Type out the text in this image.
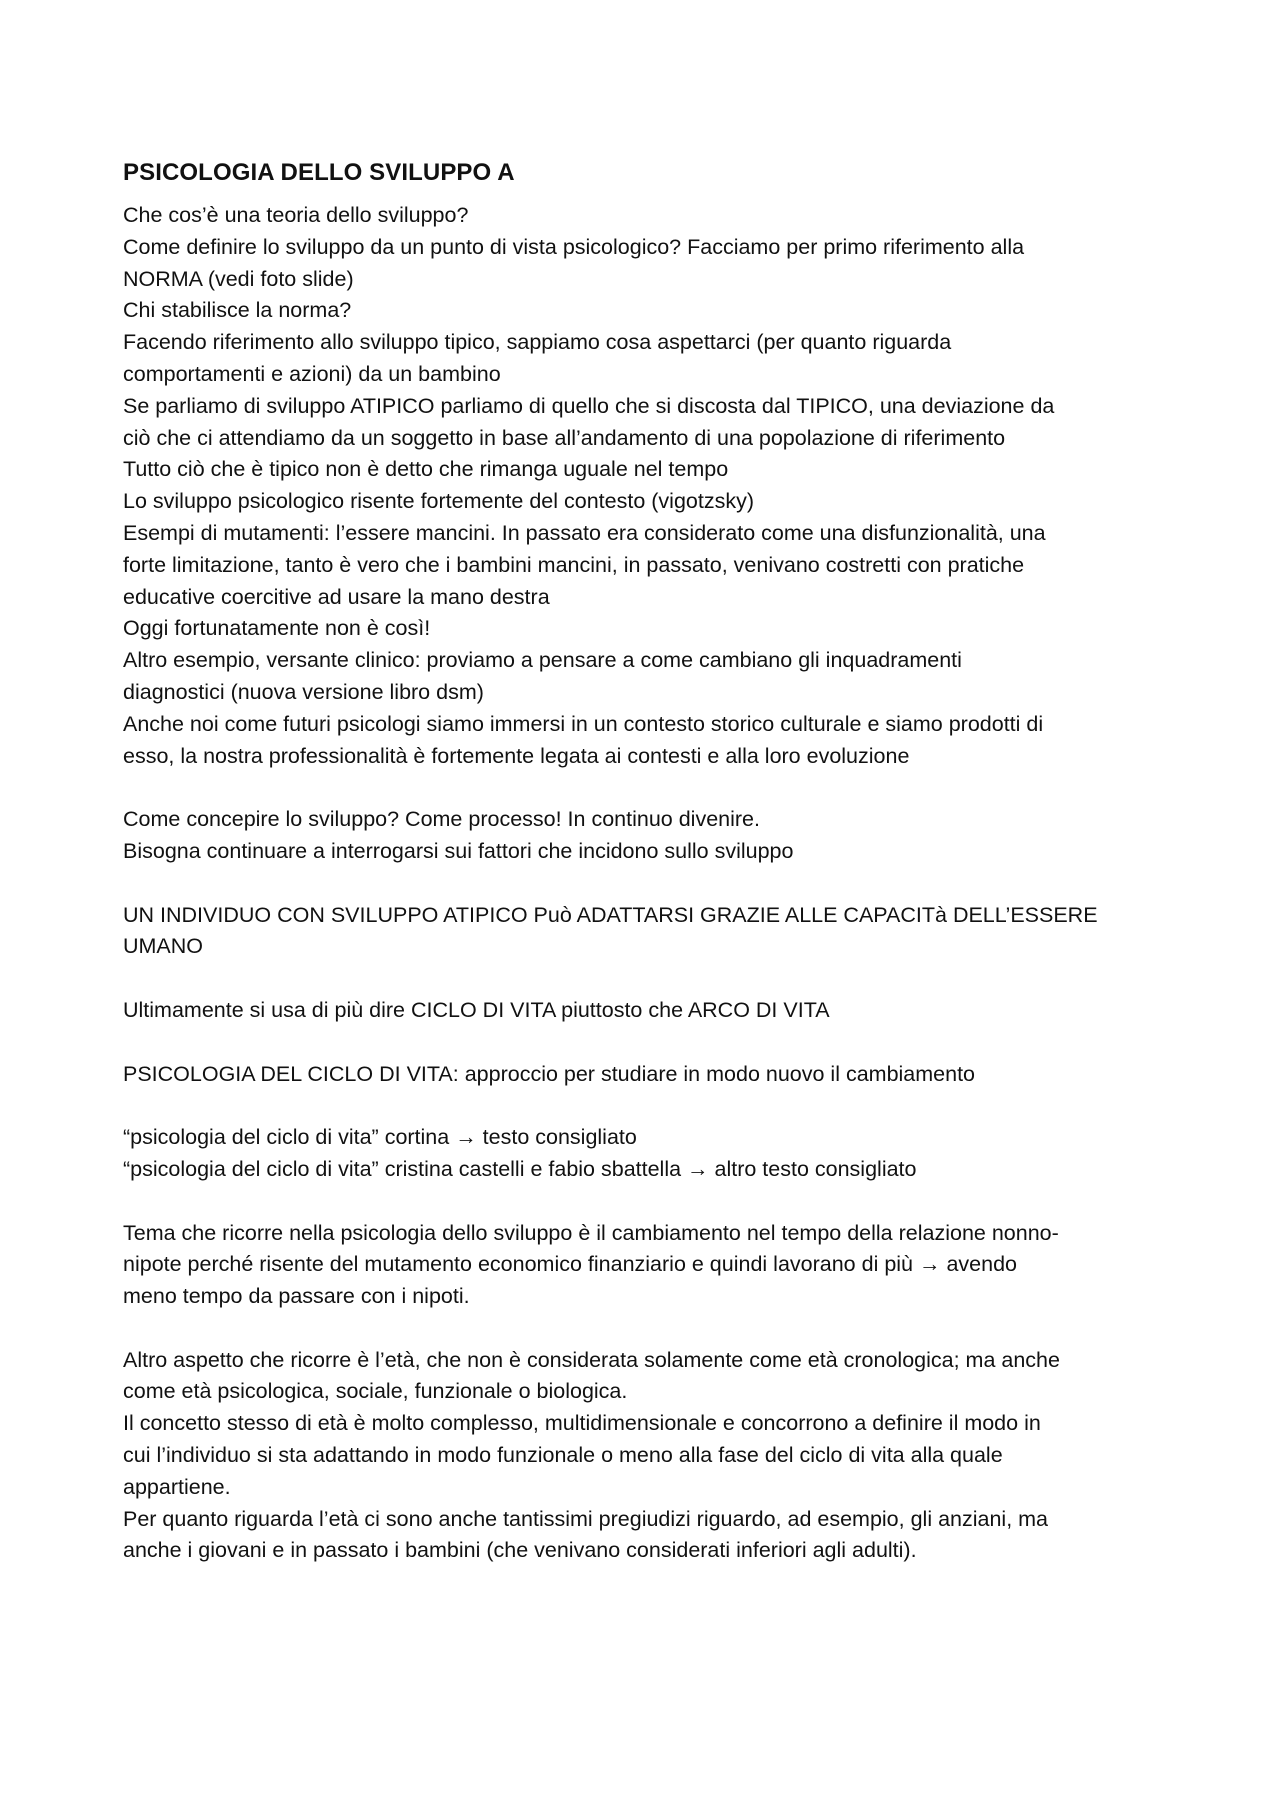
PSICOLOGIA DELLO SVILUPPO A

Che cos’è una teoria dello sviluppo?
Come definire lo sviluppo da un punto di vista psicologico? Facciamo per primo riferimento alla
NORMA (vedi foto slide)
Chi stabilisce la norma?
Facendo riferimento allo sviluppo tipico, sappiamo cosa aspettarci (per quanto riguarda
comportamenti e azioni) da un bambino
Se parliamo di sviluppo ATIPICO parliamo di quello che si discosta dal TIPICO, una deviazione da
ciò che ci attendiamo da un soggetto in base all’andamento di una popolazione di riferimento
Tutto ciò che è tipico non è detto che rimanga uguale nel tempo
Lo sviluppo psicologico risente fortemente del contesto (vigotzsky)
Esempi di mutamenti: l’essere mancini. In passato era considerato come una disfunzionalità, una
forte limitazione, tanto è vero che i bambini mancini, in passato, venivano costretti con pratiche
educative coercitive ad usare la mano destra
Oggi fortunatamente non è così!
Altro esempio, versante clinico: proviamo a pensare a come cambiano gli inquadramenti
diagnostici (nuova versione libro dsm)
Anche noi come futuri psicologi siamo immersi in un contesto storico culturale e siamo prodotti di
esso, la nostra professionalità è fortemente legata ai contesti e alla loro evoluzione

Come concepire lo sviluppo? Come processo! In continuo divenire.
Bisogna continuare a interrogarsi sui fattori che incidono sullo sviluppo

UN INDIVIDUO CON SVILUPPO ATIPICO Può ADATTARSI GRAZIE ALLE CAPACITà DELL’ESSERE
UMANO

Ultimamente si usa di più dire CICLO DI VITA piuttosto che ARCO DI VITA

PSICOLOGIA DEL CICLO DI VITA: approccio per studiare in modo nuovo il cambiamento

“psicologia del ciclo di vita” cortina → testo consigliato
“psicologia del ciclo di vita” cristina castelli e fabio sbattella → altro testo consigliato

Tema che ricorre nella psicologia dello sviluppo è il cambiamento nel tempo della relazione nonno-
nipote perché risente del mutamento economico finanziario e quindi lavorano di più → avendo
meno tempo da passare con i nipoti.

Altro aspetto che ricorre è l’età, che non è considerata solamente come età cronologica; ma anche
come età psicologica, sociale, funzionale o biologica.
Il concetto stesso di età è molto complesso, multidimensionale e concorrono a definire il modo in
cui l’individuo si sta adattando in modo funzionale o meno alla fase del ciclo di vita alla quale
appartiene.
Per quanto riguarda l’età ci sono anche tantissimi pregiudizi riguardo, ad esempio, gli anziani, ma
anche i giovani e in passato i bambini (che venivano considerati inferiori agli adulti).
